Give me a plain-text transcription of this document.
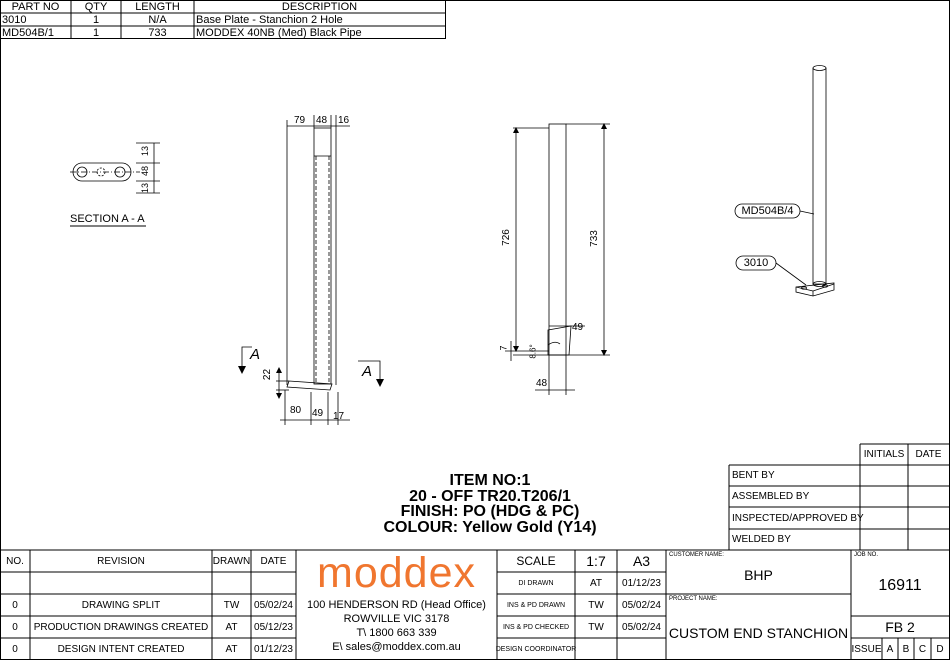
PART NO	QTY	LENGTH	DESCRIPTION
3010	1	N/A	Base Plate - Stanchion 2 Hole
MD504B/1	1	733	MODDEX 40NB (Med) Black Pipe
SECTION A - A
13
48
13
79 48 16
22
80 49 17
A
A
726	733
49
7	8.6°
48
MD504B/4
3010
ITEM NO:1
20 - OFF TR20.T206/1
FINISH: PO (HDG & PC)
COLOUR: Yellow Gold (Y14)
INITIALS	DATE
BENT BY
ASSEMBLED BY
INSPECTED/APPROVED BY
WELDED BY
NO.	REVISION	DRAWN	DATE
0	DRAWING SPLIT	TW	05/02/24
0	PRODUCTION DRAWINGS CREATED	AT	05/12/23
0	DESIGN INTENT CREATED	AT	01/12/23
moddex
100 HENDERSON RD (Head Office)
ROWVILLE VIC 3178
T\ 1800 663 339
E\ sales@moddex.com.au
SCALE	1:7	A3
DI DRAWN	AT	01/12/23
INS & PD DRAWN	TW	05/02/24
INS & PD CHECKED	TW	05/02/24
DESIGN COORDINATOR
CUSTOMER NAME:
BHP
PROJECT NAME:
CUSTOM END STANCHION
JOB NO.
16911
FB 2
ISSUE A B C	D
